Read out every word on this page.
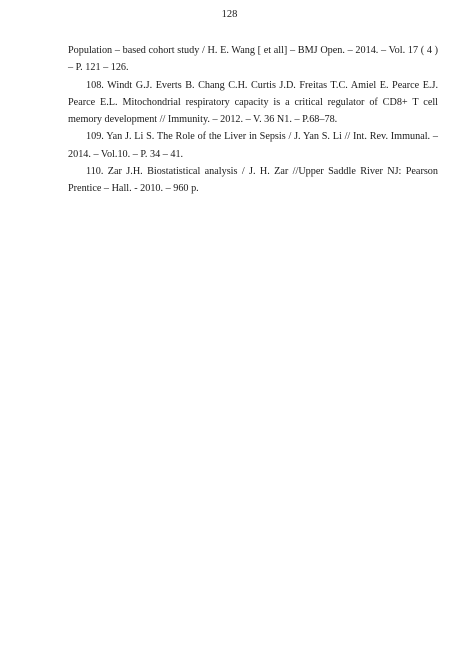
128

Population – based cohort study / H. E. Wang [ et all] – BMJ Open. – 2014. – Vol. 17 ( 4 ) – P. 121 – 126.

108. Windt G.J. Everts B. Chang C.H. Curtis J.D. Freitas T.C. Amiel E. Pearce E.J. Pearce E.L. Mitochondrial respiratory capacity is a critical regulator of CD8+ T cell memory development // Immunity. – 2012. – V. 36 N1. – P.68–78.

109. Yan J. Li S. The Role of the Liver in Sepsis / J. Yan S. Li // Int. Rev. Immunal. – 2014. – Vol.10. – P. 34 – 41.

110. Zar J.H. Biostatistical analysis / J. H. Zar //Upper Saddle River NJ: Pearson Prentice – Hall. - 2010. – 960 p.
